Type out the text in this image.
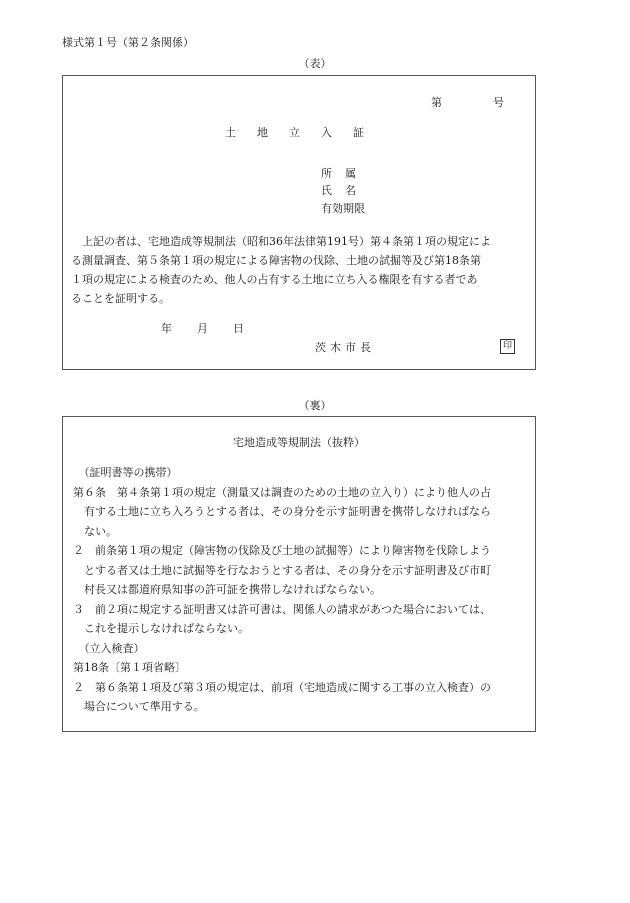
様式第１号（第２条関係）
（表）
第	号
土地立入証
所属
氏名
有効期限
　上記の者は、宅地造成等規制法（昭和36年法律第191号）第４条第１項の規定によ
る測量調査、第５条第１項の規定による障害物の伐除、土地の試掘等及び第18条第
１項の規定による検査のため、他人の占有する土地に立ち入る権限を有する者であ
ることを証明する。
年 月 日
茨木市長	印
（裏）
宅地造成等規制法（抜粋）
　（証明書等の携帯）
第６条　第４条第１項の規定（測量又は調査のための土地の立入り）により他人の占
　有する土地に立ち入ろうとする者は、その身分を示す証明書を携帯しなければなら
　ない。
２　前条第１項の規定（障害物の伐除及び土地の試掘等）により障害物を伐除しよう
　とする者又は土地に試掘等を行なおうとする者は、その身分を示す証明書及び市町
　村長又は都道府県知事の許可証を携帯しなければならない。
３　前２項に規定する証明書又は許可書は、関係人の請求があつた場合においては、
　これを提示しなければならない。
　（立入検査）
第18条〔第１項省略〕
２　第６条第１項及び第３項の規定は、前項（宅地造成に関する工事の立入検査）の
　場合について準用する。
